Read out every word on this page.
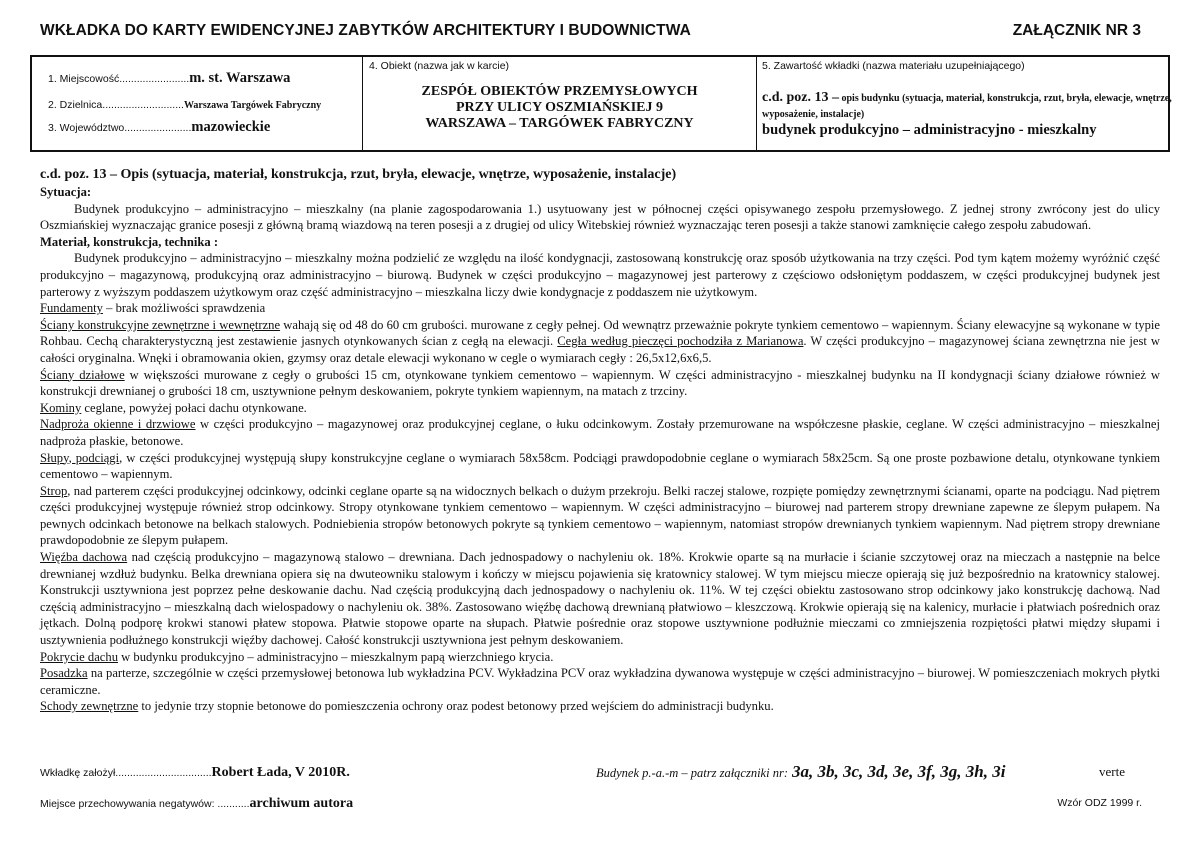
WKŁADKA DO KARTY EWIDENCYJNEJ ZABYTKÓW ARCHITEKTURY I BUDOWNICTWA	ZAŁĄCZNIK NR 3
1. Miejscowość........................m. st. Warszawa
2. Dzielnica............................Warszawa Targówek Fabryczny
3. Województwo.......................mazowieckie
4. Obiekt (nazwa jak w karcie)
ZESPÓŁ OBIEKTÓW PRZEMYSŁOWYCH
PRZY ULICY OSZMIAŃSKIEJ 9
WARSZAWA – TARGÓWEK FABRYCZNY
5. Zawartość wkładki (nazwa materiału uzupełniającego)
c.d. poz. 13 – opis budynku (sytuacja, materiał, konstrukcja, rzut, bryła, elewacje, wnętrze, wyposażenie, instalacje)
budynek produkcyjno – administracyjno - mieszkalny

c.d. poz. 13 – Opis (sytuacja, materiał, konstrukcja, rzut, bryła, elewacje, wnętrze, wyposażenie, instalacje)

Sytuacja:

Budynek produkcyjno – administracyjno – mieszkalny (na planie zagospodarowania 1.) usytuowany jest w północnej części opisywanego zespołu przemysłowego. Z jednej strony zwrócony jest do ulicy Oszmiańskiej wyznaczając granice posesji z główną bramą wiazdową na teren posesji a z drugiej od ulicy Witebskiej również wyznaczając teren posesji a także stanowi zamknięcie całego zespołu zabudowań.

Materiał, konstrukcja, technika :

Budynek produkcyjno – administracyjno – mieszkalny można podzielić ze względu na ilość kondygnacji, zastosowaną konstrukcję oraz sposób użytkowania na trzy części. Pod tym kątem możemy wyróżnić część produkcyjno – magazynową, produkcyjną oraz administracyjno – biurową. Budynek w części produkcyjno – magazynowej jest parterowy z częściowo odsłoniętym poddaszem, w części produkcyjnej budynek jest parterowy z wyższym poddaszem użytkowym oraz część administracyjno – mieszkalna liczy dwie kondygnacje z poddaszem nie użytkowym.

Fundamenty – brak możliwości sprawdzenia

Ściany konstrukcyjne zewnętrzne i wewnętrzne wahają się od 48 do 60 cm grubości. murowane z cegły pełnej. Od wewnątrz przeważnie pokryte tynkiem cementowo – wapiennym. Ściany elewacyjne są wykonane w typie Rohbau. Cechą charakterystyczną jest zestawienie jasnych otynkowanych ścian z cegłą na elewacji. Cegła według pieczęci pochodziła z Marianowa. W części produkcyjno – magazynowej ściana zewnętrzna nie jest w całości oryginalna. Wnęki i obramowania okien, gzymsy oraz detale elewacji wykonano w cegle o wymiarach cegły : 26,5x12,6x6,5.

Ściany działowe w większości murowane z cegły o grubości 15 cm, otynkowane tynkiem cementowo – wapiennym. W części administracyjno - mieszkalnej budynku na II kondygnacji ściany działowe również w konstrukcji drewnianej o grubości 18 cm, usztywnione pełnym deskowaniem, pokryte tynkiem wapiennym, na matach z trzciny.

Kominy ceglane, powyżej połaci dachu otynkowane.

Nadproża okienne i drzwiowe w części produkcyjno – magazynowej oraz produkcyjnej ceglane, o łuku odcinkowym. Zostały przemurowane na współczesne płaskie, ceglane. W części administracyjno – mieszkalnej nadproża płaskie, betonowe.

Słupy, podciągi, w części produkcyjnej występują słupy konstrukcyjne ceglane o wymiarach 58x58cm. Podciągi prawdopodobnie ceglane o wymiarach 58x25cm. Są one proste pozbawione detalu, otynkowane tynkiem cementowo – wapiennym.

Strop, nad parterem części produkcyjnej odcinkowy, odcinki ceglane oparte są na widocznych belkach o dużym przekroju. Belki raczej stalowe, rozpięte pomiędzy zewnętrznymi ścianami, oparte na podciągu. Nad piętrem części produkcyjnej występuje również strop odcinkowy. Stropy otynkowane tynkiem cementowo – wapiennym. W części administracyjno – biurowej nad parterem stropy drewniane zapewne ze ślepym pułapem. Na pewnych odcinkach betonowe na belkach stalowych. Podniebienia stropów betonowych pokryte są tynkiem cementowo – wapiennym, natomiast stropów drewnianych tynkiem wapiennym. Nad piętrem stropy drewniane prawdopodobnie ze ślepym pułapem.

Więźba dachowa nad częścią produkcyjno – magazynową stalowo – drewniana. Dach jednospadowy o nachyleniu ok. 18%. Krokwie oparte są na murłacie i ścianie szczytowej oraz na mieczach a następnie na belce drewnianej wzdłuż budynku. Belka drewniana opiera się na dwuteowniku stalowym i kończy w miejscu pojawienia się kratownicy stalowej. W tym miejscu miecze opierają się już bezpośrednio na kratownicy stalowej. Konstrukcji usztywniona jest poprzez pełne deskowanie dachu. Nad częścią produkcyjną dach jednospadowy o nachyleniu ok. 11%. W tej części obiektu zastosowano strop odcinkowy jako konstrukcję dachową. Nad częścią administracyjno – mieszkalną dach wielospadowy o nachyleniu ok. 38%. Zastosowano więźbę dachową drewnianą płatwiowo – kleszczową. Krokwie opierają się na kalenicy, murłacie i płatwiach pośrednich oraz jętkach. Dolną podporę krokwi stanowi płatew stopowa. Płatwie stopowe oparte na słupach. Płatwie pośrednie oraz stopowe usztywnione podłużnie mieczami co zmniejszenia rozpiętości płatwi między słupami i usztywnienia podłużnego konstrukcji więźby dachowej. Całość konstrukcji usztywniona jest pełnym deskowaniem.

Pokrycie dachu w budynku produkcyjno – administracyjno – mieszkalnym papą wierzchniego krycia.

Posadzka na parterze, szczególnie w części przemysłowej betonowa lub wykładzina PCV. Wykładzina PCV oraz wykładzina dywanowa występuje w części administracyjno – biurowej. W pomieszczeniach mokrych płytki ceramiczne.

Schody zewnętrzne to jedynie trzy stopnie betonowe do pomieszczenia ochrony oraz podest betonowy przed wejściem do administracji budynku.

Wkładkę założył.................................Robert Łada, V 2010R.	Budynek p.-a.-m – patrz załączniki nr: 3a, 3b, 3c, 3d, 3e, 3f, 3g, 3h, 3i	verte
Miejsce przechowywania negatywów: ...........archiwum autora	Wzór ODZ 1999 r.
